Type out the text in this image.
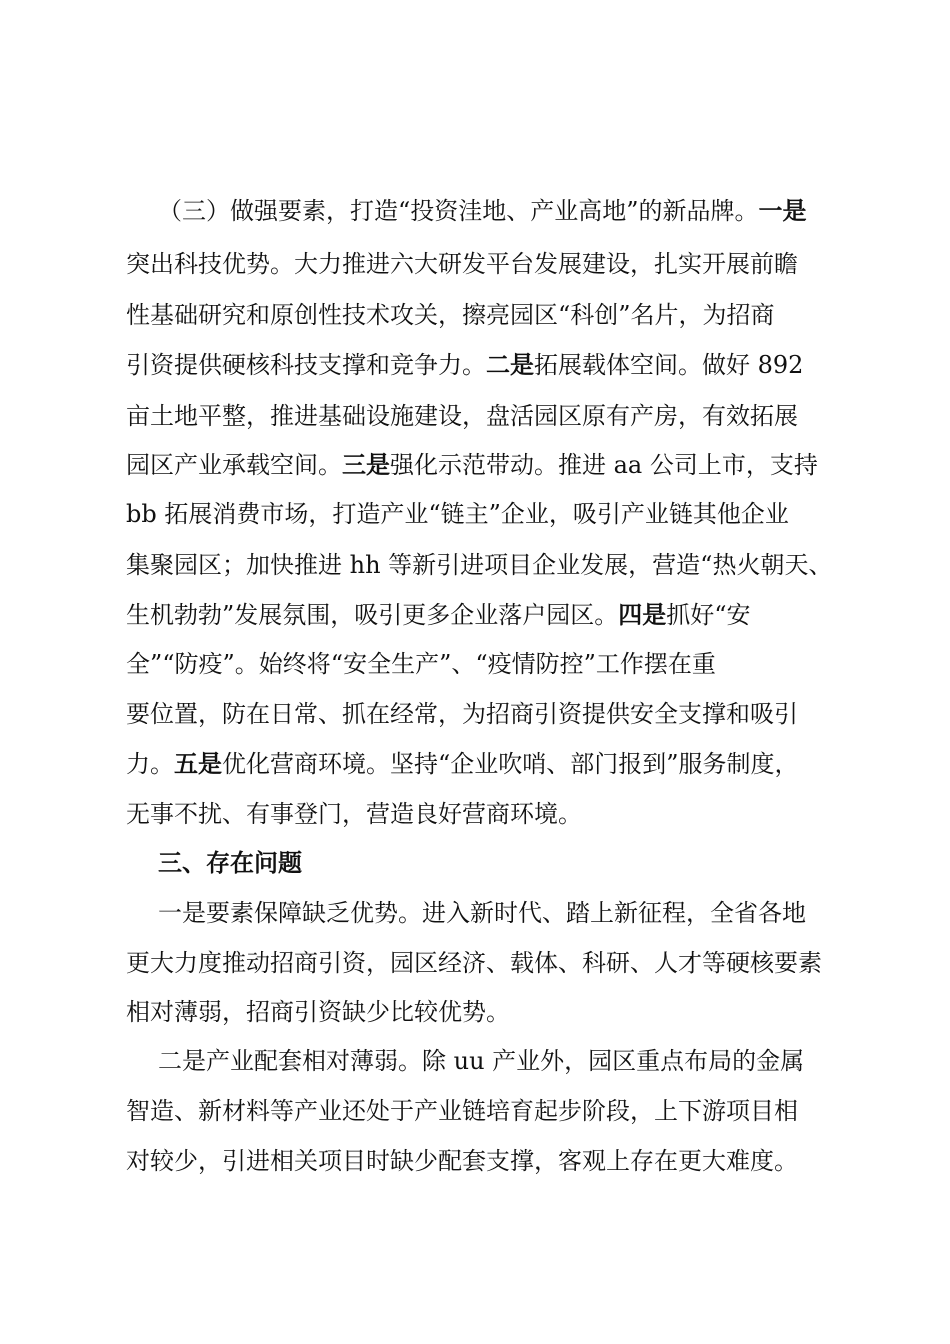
（三）做强要素，打造“投资洼地、产业高地”的新品牌。一是
突出科技优势。大力推进六大研发平台发展建设，扎实开展前瞻
性基础研究和原创性技术攻关，擦亮园区“科创”名片，为招商
引资提供硬核科技支撑和竞争力。二是拓展载体空间。做好 892
亩土地平整，推进基础设施建设，盘活园区原有产房，有效拓展
园区产业承载空间。三是强化示范带动。推进 aa 公司上市，支持
bb 拓展消费市场，打造产业“链主”企业，吸引产业链其他企业
集聚园区；加快推进 hh 等新引进项目企业发展，营造“热火朝天、
生机勃勃”发展氛围，吸引更多企业落户园区。四是抓好“安
全”“防疫”。始终将“安全生产”、“疫情防控”工作摆在重
要位置，防在日常、抓在经常，为招商引资提供安全支撑和吸引
力。五是优化营商环境。坚持“企业吹哨、部门报到”服务制度，
无事不扰、有事登门，营造良好营商环境。
三、存在问题
一是要素保障缺乏优势。进入新时代、踏上新征程，全省各地
更大力度推动招商引资，园区经济、载体、科研、人才等硬核要素
相对薄弱，招商引资缺少比较优势。
二是产业配套相对薄弱。除 uu 产业外，园区重点布局的金属
智造、新材料等产业还处于产业链培育起步阶段，上下游项目相
对较少，引进相关项目时缺少配套支撑，客观上存在更大难度。
